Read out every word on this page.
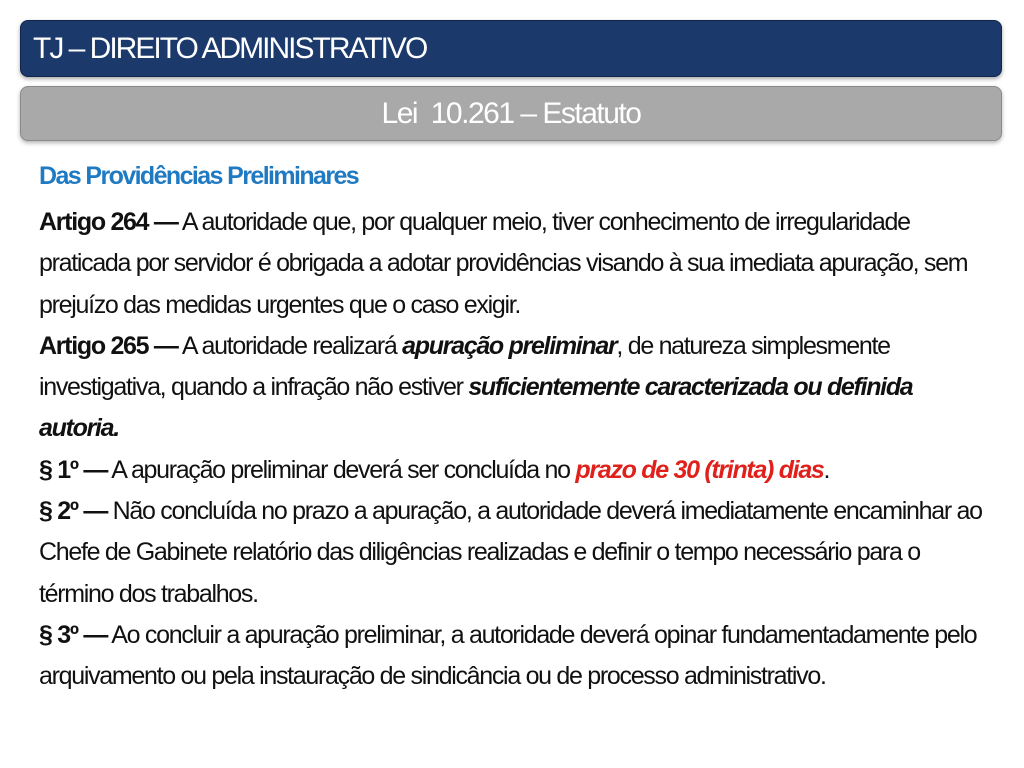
TJ – DIREITO ADMINISTRATIVO
Lei  10.261 – Estatuto
Das Providências Preliminares

Artigo 264 — A autoridade que, por qualquer meio, tiver conhecimento de irregularidade praticada por servidor é obrigada a adotar providências visando à sua imediata apuração, sem prejuízo das medidas urgentes que o caso exigir.

Artigo 265 — A autoridade realizará apuração preliminar, de natureza simplesmente investigativa, quando a infração não estiver suficientemente caracterizada ou definida autoria.

§ 1º — A apuração preliminar deverá ser concluída no prazo de 30 (trinta) dias.

§ 2º — Não concluída no prazo a apuração, a autoridade deverá imediatamente encaminhar ao Chefe de Gabinete relatório das diligências realizadas e definir o tempo necessário para o término dos trabalhos.

§ 3º — Ao concluir a apuração preliminar, a autoridade deverá opinar fundamentadamente pelo arquivamento ou pela instauração de sindicância ou de processo administrativo.
